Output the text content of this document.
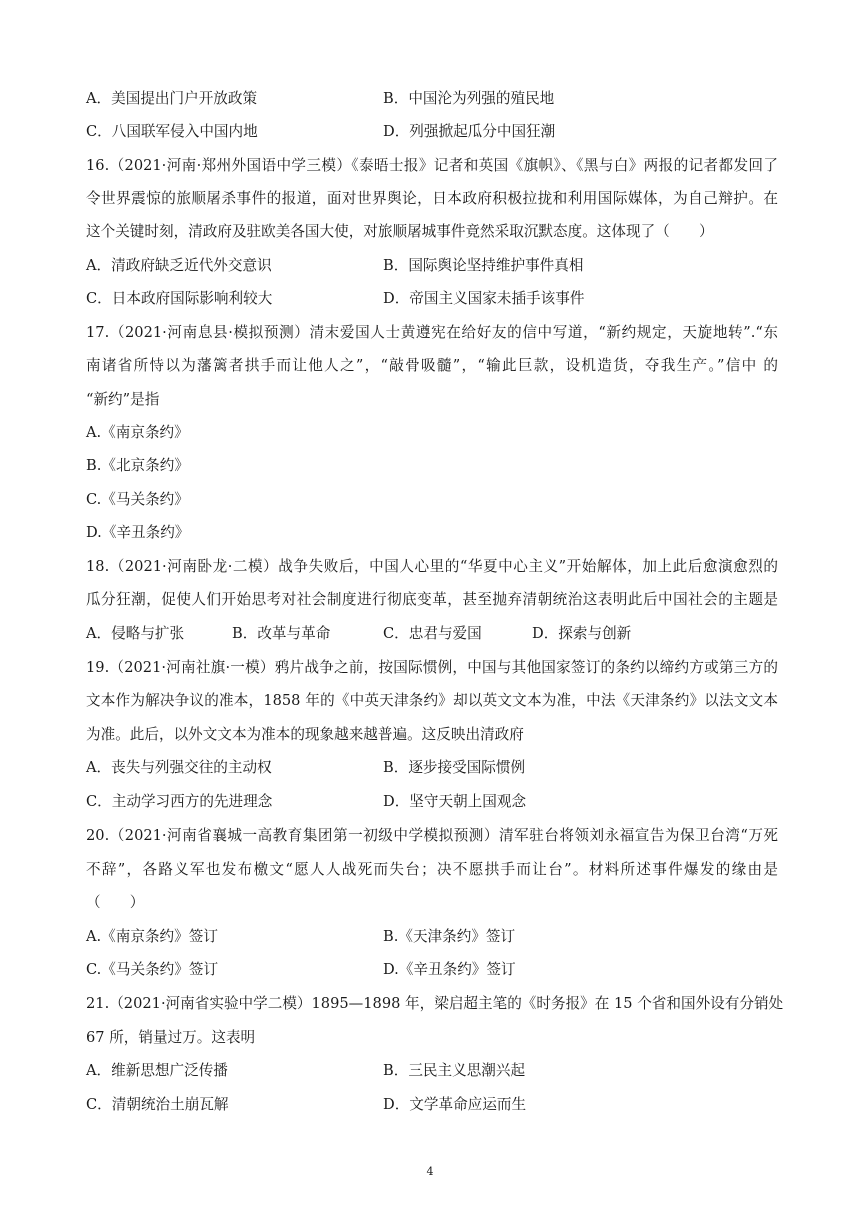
A．美国提出门户开放政策	B．中国沦为列强的殖民地
C．八国联军侵入中国内地	D．列强掀起瓜分中国狂潮
16.（2021·河南·郑州外国语中学三模）《泰晤士报》记者和英国《旗帜》、《黑与白》两报的记者都发回了
令世界震惊的旅顺屠杀事件的报道，面对世界舆论，日本政府积极拉拢和利用国际媒体，为自己辩护。在
这个关键时刻，清政府及驻欧美各国大使，对旅顺屠城事件竟然采取沉默态度。这体现了（　　）
A．清政府缺乏近代外交意识	B．国际舆论坚持维护事件真相
C．日本政府国际影响利较大	D．帝国主义国家未插手该事件
17.（2021·河南息县·模拟预测）清末爱国人士黄遵宪在给好友的信中写道，“新约规定，天旋地转”.“东
南诸省所恃以为藩篱者拱手而让他人之”，“敲骨吸髓”，“输此巨款，设机造货，夺我生产。”信中 的
“新约”是指
A.《南京条约》
B.《北京条约》
C.《马关条约》
D.《辛丑条约》
18.（2021·河南卧龙·二模）战争失败后，中国人心里的“华夏中心主义”开始解体，加上此后愈演愈烈的
瓜分狂潮，促使人们开始思考对社会制度进行彻底变革，甚至抛弃清朝统治这表明此后中国社会的主题是
A．侵略与扩张	B．改革与革命	C．忠君与爱国	D．探索与创新
19.（2021·河南社旗·一模）鸦片战争之前，按国际惯例，中国与其他国家签订的条约以缔约方或第三方的
文本作为解决争议的准本，1858 年的《中英天津条约》却以英文文本为准，中法《天津条约》以法文文本
为准。此后，以外文文本为准本的现象越来越普遍。这反映出清政府
A．丧失与列强交往的主动权	B．逐步接受国际惯例
C．主动学习西方的先进理念	D．坚守天朝上国观念
20.（2021·河南省襄城一高教育集团第一初级中学模拟预测）清军驻台将领刘永福宣告为保卫台湾“万死
不辞”，各路义军也发布檄文“愿人人战死而失台；决不愿拱手而让台”。材料所述事件爆发的缘由是
（　　）
A.《南京条约》签订	B.《天津条约》签订
C.《马关条约》签订	D.《辛丑条约》签订
21.（2021·河南省实验中学二模）1895—1898 年，梁启超主笔的《时务报》在 15 个省和国外设有分销处
67 所，销量过万。这表明
A．维新思想广泛传播	B．三民主义思潮兴起
C．清朝统治土崩瓦解	D．文学革命应运而生
4
